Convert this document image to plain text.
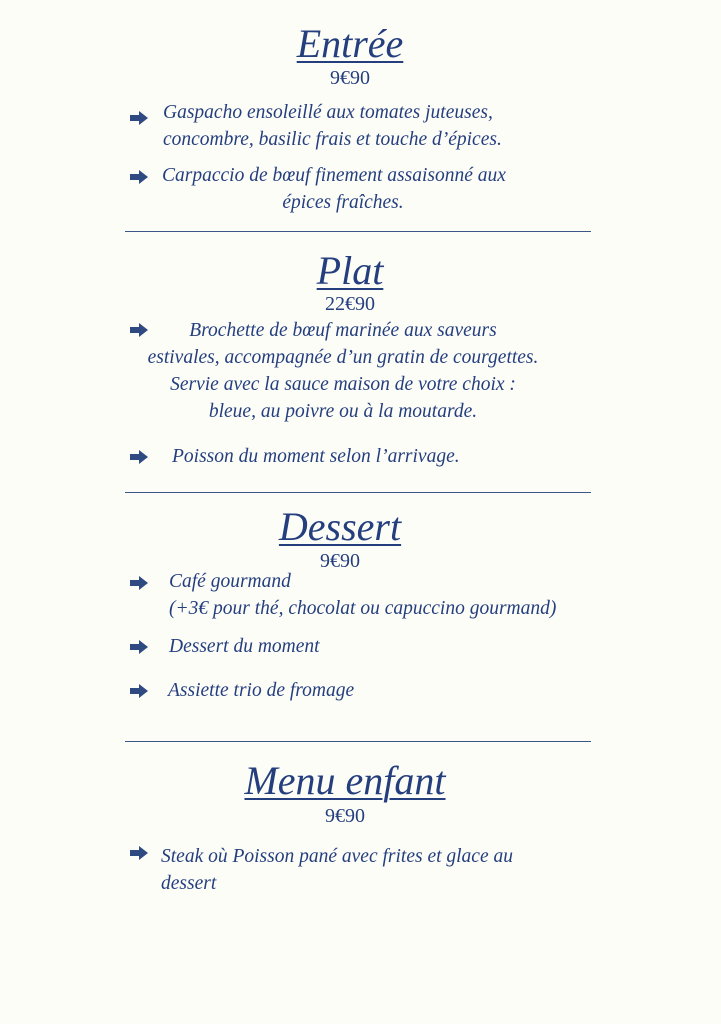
Entrée
9€90
Gaspacho ensoleillé aux tomates juteuses,
concombre, basilic frais et touche d’épices.
Carpaccio de bœuf finement assaisonné aux
épices fraîches.
Plat
22€90
Brochette de bœuf marinée aux saveurs
estivales, accompagnée d’un gratin de courgettes.
Servie avec la sauce maison de votre choix :
bleue, au poivre ou à la moutarde.
Poisson du moment selon l’arrivage.
Dessert
9€90
Café gourmand
(+3€ pour thé, chocolat ou capuccino gourmand)
Dessert du moment
Assiette trio de fromage
Menu enfant
9€90
Steak où Poisson pané avec frites et glace au
dessert
